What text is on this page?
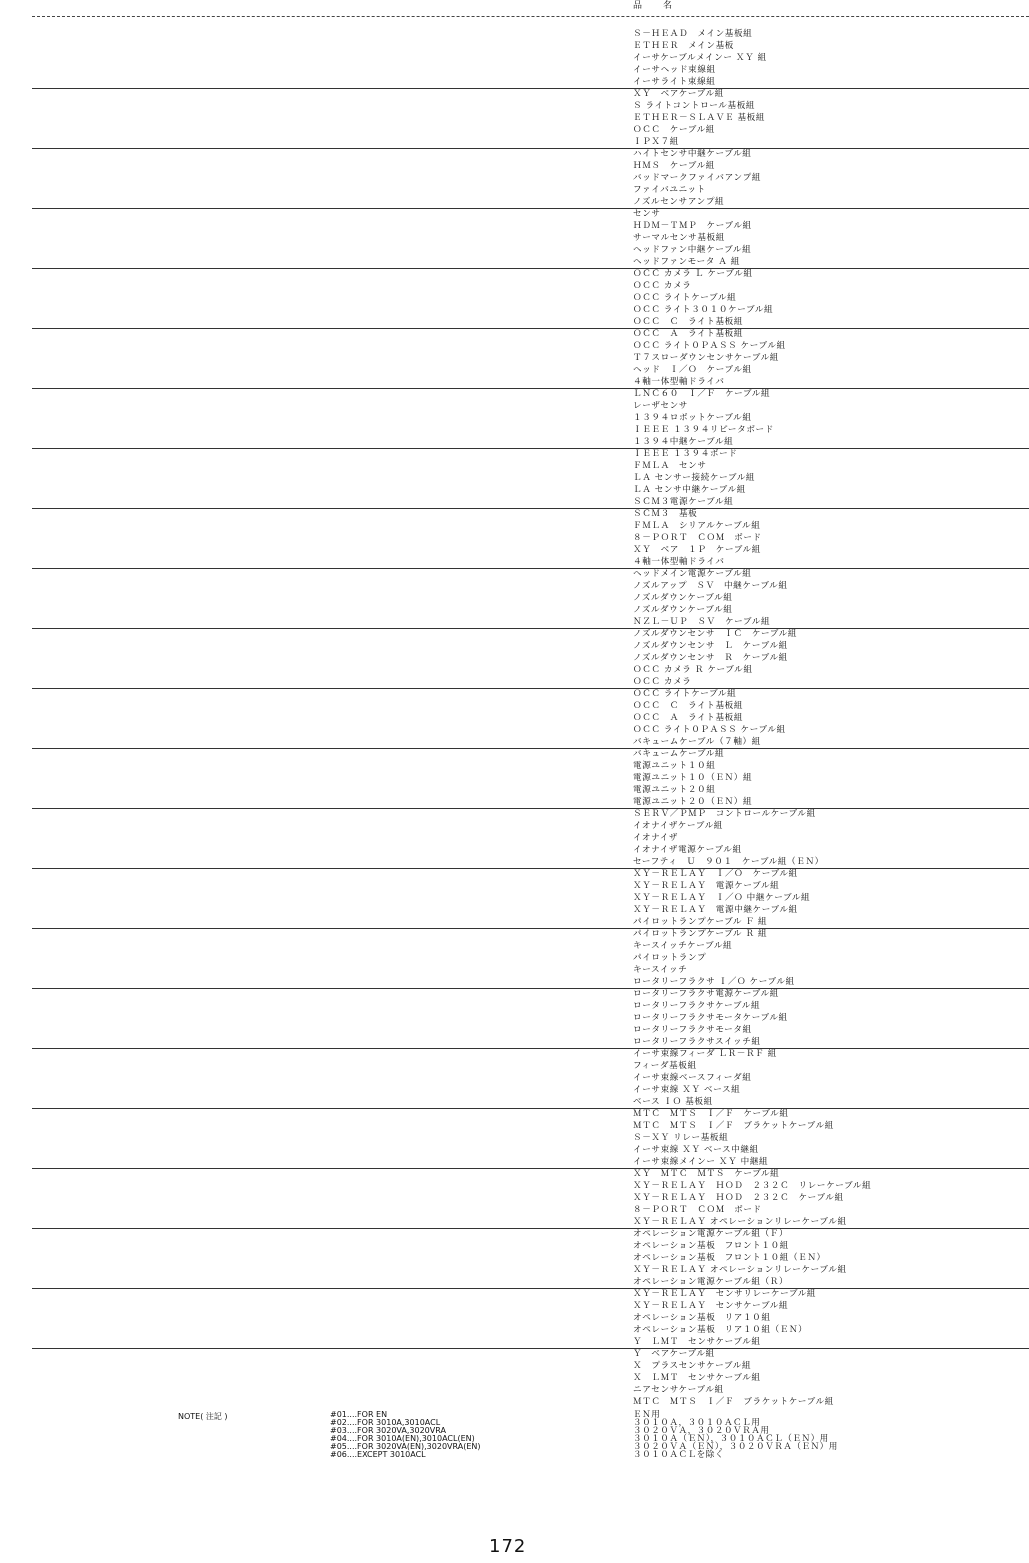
品　名
Ｓ－ＨＥＡＤ　メイン基板組
ＥＴＨＥＲ　メイン基板
イーサケーブルメインー ＸＹ 組
イーサヘッド束線組
イーサライト束線組
ＸＹ　ベアケーブル組
Ｓ ライトコントロール基板組
ＥＴＨＥＲ－ＳＬＡＶＥ 基板組
ＯＣＣ　ケーブル組
ＩＰＸ７組
ハイトセンサ中継ケーブル組
ＨＭＳ　ケーブル組
バッドマークファイバアンプ組
ファイバユニット
ノズルセンサアンプ組
センサ
ＨＤＭ－ＴＭＰ　ケーブル組
サーマルセンサ基板組
ヘッドファン中継ケーブル組
ヘッドファンモータ Ａ 組
ＯＣＣ カメラ Ｌ ケーブル組
ＯＣＣ カメラ
ＯＣＣ ライトケーブル組
ＯＣＣ ライト３０１０ケーブル組
ＯＣＣ　Ｃ　ライト基板組
ＯＣＣ　Ａ　ライト基板組
ＯＣＣ ライト０ＰＡＳＳ ケーブル組
Ｔ７スローダウンセンサケーブル組
ヘッド　Ｉ／Ｏ　ケーブル組
４軸一体型軸ドライバ
ＬＮＣ６０　Ｉ／Ｆ　ケーブル組
レーザセンサ
１３９４ロボットケーブル組
ＩＥＥＥ １３９４リピータボード
１３９４中継ケーブル組
ＩＥＥＥ １３９４ボード
ＦＭＬＡ　センサ
ＬＡ センサー接続ケーブル組
ＬＡ センサ中継ケーブル組
ＳＣＭ３電源ケーブル組
ＳＣＭ３　基板
ＦＭＬＡ　シリアルケーブル組
８－ＰＯＲＴ　ＣＯＭ　ボード
ＸＹ　ベア　１Ｐ　ケーブル組
４軸一体型軸ドライバ
ヘッドメイン電源ケーブル組
ノズルアップ　ＳＶ　中継ケーブル組
ノズルダウンケーブル組
ノズルダウンケーブル組
ＮＺＬ－ＵＰ　ＳＶ　ケーブル組
ノズルダウンセンサ　ＩＣ　ケーブル組
ノズルダウンセンサ　Ｌ　ケーブル組
ノズルダウンセンサ　Ｒ　ケーブル組
ＯＣＣ カメラ Ｒ ケーブル組
ＯＣＣ カメラ
ＯＣＣ ライトケーブル組
ＯＣＣ　Ｃ　ライト基板組
ＯＣＣ　Ａ　ライト基板組
ＯＣＣ ライト０ＰＡＳＳ ケーブル組
バキュームケーブル（７軸）組
バキュームケーブル組
電源ユニット１０組
電源ユニット１０（ＥＮ）組
電源ユニット２０組
電源ユニット２０（ＥＮ）組
ＳＥＲＶ／ＰＭＰ　コントロールケーブル組
イオナイザケーブル組
イオナイザ
イオナイザ電源ケーブル組
セーフティ　Ｕ　９０１　ケーブル組（ＥＮ）
ＸＹ－ＲＥＬＡＹ　Ｉ／Ｏ　ケーブル組
ＸＹ－ＲＥＬＡＹ　電源ケーブル組
ＸＹ－ＲＥＬＡＹ　Ｉ／Ｏ 中継ケーブル組
ＸＹ－ＲＥＬＡＹ　電源中継ケーブル組
パイロットランプケーブル Ｆ 組
パイロットランプケーブル Ｒ 組
キースイッチケーブル組
パイロットランプ
キースイッチ
ロータリーフラクサ Ｉ／Ｏ ケーブル組
ロータリーフラクサ電源ケーブル組
ロータリーフラクサケーブル組
ロータリーフラクサモータケーブル組
ロータリーフラクサモータ組
ロータリーフラクサスイッチ組
イーサ束線フィーダ ＬＲ－ＲＦ 組
フィーダ基板組
イーサ束線ベースフィーダ組
イーサ束線 ＸＹ ベース組
ベース ＩＯ 基板組
ＭＴＣ　ＭＴＳ　Ｉ／Ｆ　ケーブル組
ＭＴＣ　ＭＴＳ　Ｉ／Ｆ　ブラケットケーブル組
Ｓ－ＸＹ リレー基板組
イーサ束線 ＸＹ ベース中継組
イーサ束線メインー ＸＹ 中継組
ＸＹ　ＭＴＣ　ＭＴＳ　ケーブル組
ＸＹ－ＲＥＬＡＹ　ＨＯＤ　２３２Ｃ　リレーケーブル組
ＸＹ－ＲＥＬＡＹ　ＨＯＤ　２３２Ｃ　ケーブル組
８－ＰＯＲＴ　ＣＯＭ　ボード
ＸＹ－ＲＥＬＡＹ オペレーションリレーケーブル組
オペレーション電源ケーブル組（Ｆ）
オペレーション基板　フロント１０組
オペレーション基板　フロント１０組（ＥＮ）
ＸＹ－ＲＥＬＡＹ オペレーションリレーケーブル組
オペレーション電源ケーブル組（Ｒ）
ＸＹ－ＲＥＬＡＹ　センサリレーケーブル組
ＸＹ－ＲＥＬＡＹ　センサケーブル組
オペレーション基板　リア１０組
オペレーション基板　リア１０組（ＥＮ）
Ｙ　ＬＭＴ　センサケーブル組
Ｙ　ベアケーブル組
Ｘ　プラスセンサケーブル組
Ｘ　ＬＭＴ　センサケーブル組
ニアセンサケーブル組
ＭＴＣ　ＭＴＳ　Ｉ／Ｆ　ブラケットケーブル組
NOTE( 注記 )	#01....FOR EN
#02....FOR 3010A,3010ACL
#03....FOR 3020VA,3020VRA
#04....FOR 3010A(EN),3010ACL(EN)
#05....FOR 3020VA(EN),3020VRA(EN)
#06....EXCEPT 3010ACL
ＥＮ用
３０１０Ａ，３０１０ＡＣＬ用
３０２０ＶＡ，３０２０ＶＲＡ用
３０１０Ａ（ＥＮ），３０１０ＡＣＬ（ＥＮ）用
３０２０ＶＡ（ＥＮ），３０２０ＶＲＡ（ＥＮ）用
３０１０ＡＣＬを除く
172
